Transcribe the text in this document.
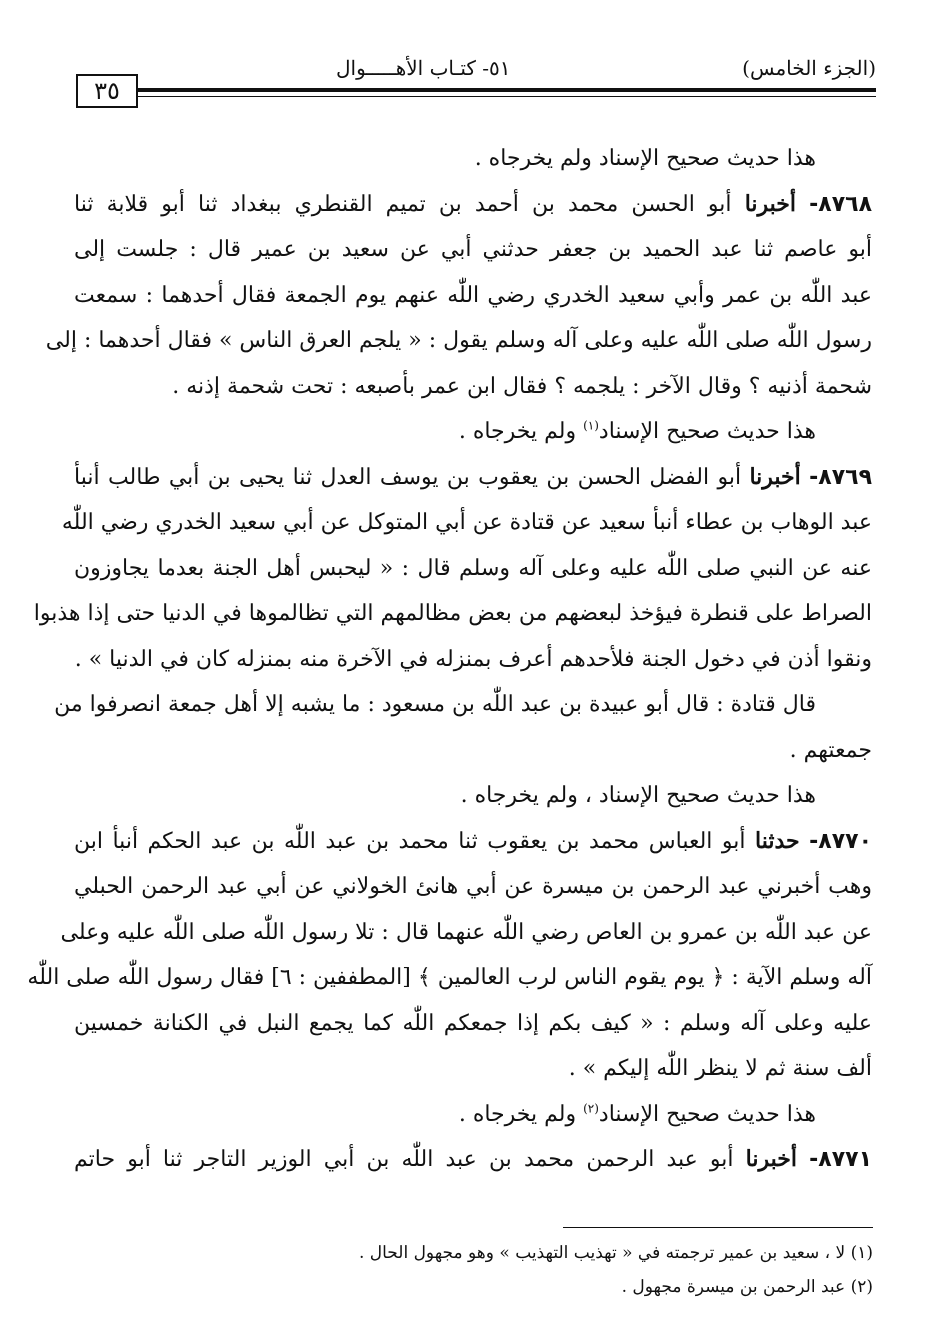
٣٥
(الجزء الخامس)
٥١- كتـاب الأهـــــوال
هذا حديث صحيح الإسناد ولم يخرجاه .
٨٧٦٨- أخبرنا أبو الحسن محمد بن أحمد بن تميم القنطري ببغداد ثنا أبو قلابة ثنا
أبو عاصم ثنا عبد الحميد بن جعفر حدثني أبي عن سعيد بن عمير قال : جلست إلى
عبد اللّٰه بن عمر وأبي سعيد الخدري رضي اللّٰه عنهم يوم الجمعة فقال أحدهما : سمعت
رسول اللّٰه صلى اللّٰه عليه وعلى آله وسلم يقول : « يلجم العرق الناس » فقال أحدهما : إلى
شحمة أذنيه ؟ وقال الآخر : يلجمه ؟ فقال ابن عمر بأصبعه : تحت شحمة إذنه .
هذا حديث صحيح الإسناد$^{(١)}$ ولم يخرجاه .
٨٧٦٩- أخبرنا أبو الفضل الحسن بن يعقوب بن يوسف العدل ثنا يحيى بن أبي طالب أنبأ
عبد الوهاب بن عطاء أنبأ سعيد عن قتادة عن أبي المتوكل عن أبي سعيد الخدري رضي اللّٰه
عنه عن النبي صلى اللّٰه عليه وعلى آله وسلم قال : « ليحبس أهل الجنة بعدما يجاوزون
الصراط على قنطرة فيؤخذ لبعضهم من بعض مظالمهم التي تظالموها في الدنيا حتى إذا هذبوا
ونقوا أذن في دخول الجنة فلأحدهم أعرف بمنزله في الآخرة منه بمنزله كان في الدنيا » .
قال قتادة : قال أبو عبيدة بن عبد اللّٰه بن مسعود : ما يشبه إلا أهل جمعة انصرفوا من
جمعتهم .
هذا حديث صحيح الإسناد ، ولم يخرجاه .
٨٧٧٠- حدثنا أبو العباس محمد بن يعقوب ثنا محمد بن عبد اللّٰه بن عبد الحكم أنبأ ابن
وهب أخبرني عبد الرحمن بن ميسرة عن أبي هانئ الخولاني عن أبي عبد الرحمن الحبلي
عن عبد اللّٰه بن عمرو بن العاص رضي اللّٰه عنهما قال : تلا رسول اللّٰه صلى اللّٰه عليه وعلى
آله وسلم الآية : ﴿ يوم يقوم الناس لرب العالمين ﴾ [المطففين : ٦] فقال رسول اللّٰه صلى اللّٰه
عليه وعلى آله وسلم : « كيف بكم إذا جمعكم اللّٰه كما يجمع النبل في الكنانة خمسين
ألف سنة ثم لا ينظر اللّٰه إليكم » .
هذا حديث صحيح الإسناد$^{(٢)}$ ولم يخرجاه .
٨٧٧١- أخبرنا أبو عبد الرحمن محمد بن عبد اللّٰه بن أبي الوزير التاجر ثنا أبو حاتم
(١) لا ، سعيد بن عمير ترجمته في « تهذيب التهذيب » وهو مجهول الحال .
(٢) عبد الرحمن بن ميسرة مجهول .
